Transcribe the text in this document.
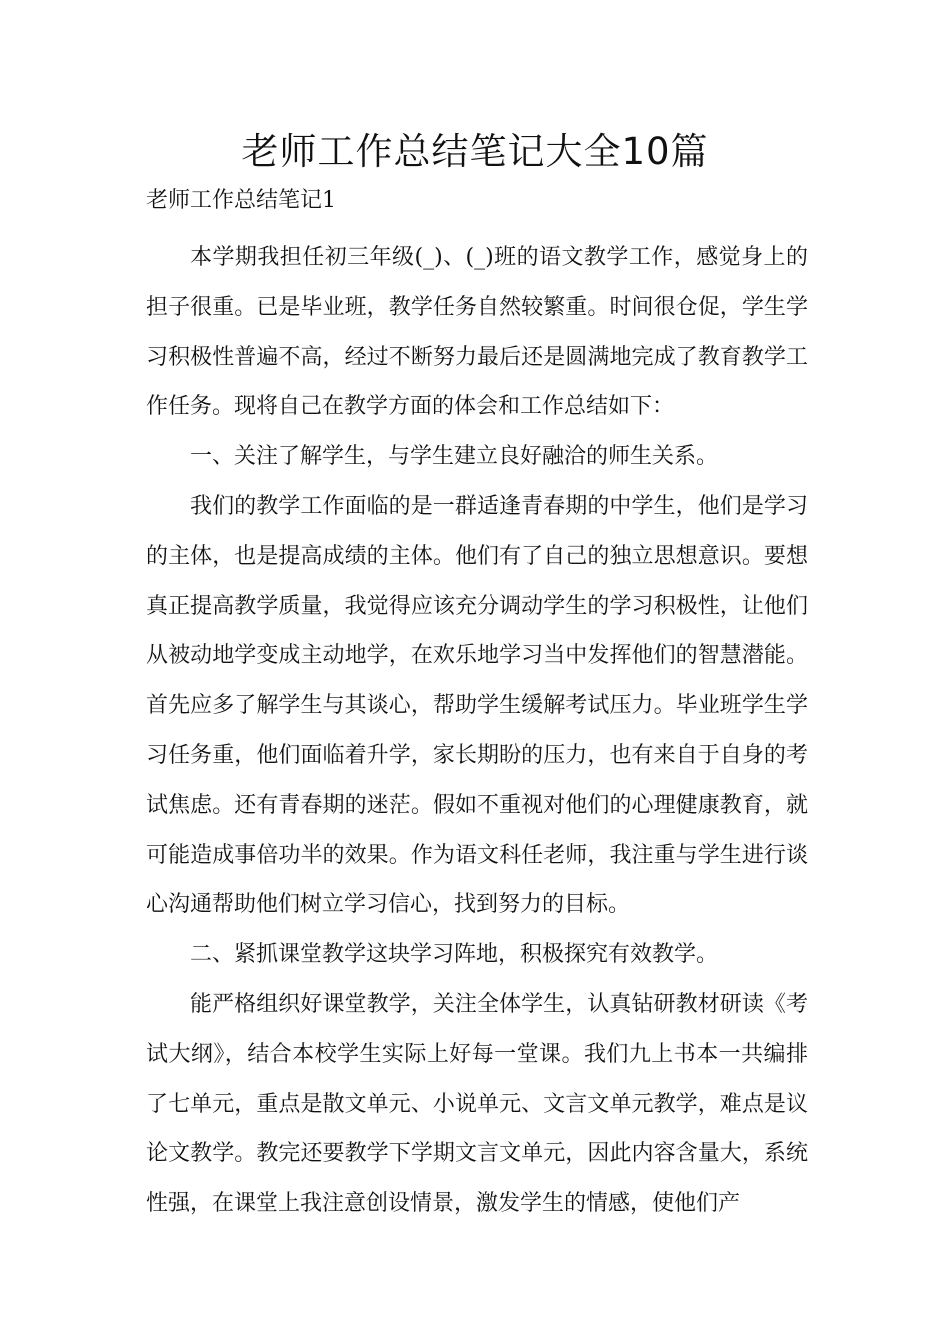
老师工作总结笔记大全10篇
老师工作总结笔记1

本学期我担任初三年级(_)、(_)班的语文教学工作，感觉身上的担子很重。已是毕业班，教学任务自然较繁重。时间很仓促，学生学习积极性普遍不高，经过不断努力最后还是圆满地完成了教育教学工作任务。现将自己在教学方面的体会和工作总结如下：

一、关注了解学生，与学生建立良好融洽的师生关系。

我们的教学工作面临的是一群适逢青春期的中学生，他们是学习的主体，也是提高成绩的主体。他们有了自己的独立思想意识。要想真正提高教学质量，我觉得应该充分调动学生的学习积极性，让他们从被动地学变成主动地学，在欢乐地学习当中发挥他们的智慧潜能。首先应多了解学生与其谈心，帮助学生缓解考试压力。毕业班学生学习任务重，他们面临着升学，家长期盼的压力，也有来自于自身的考试焦虑。还有青春期的迷茫。假如不重视对他们的心理健康教育，就可能造成事倍功半的效果。作为语文科任老师，我注重与学生进行谈心沟通帮助他们树立学习信心，找到努力的目标。

二、紧抓课堂教学这块学习阵地，积极探究有效教学。

能严格组织好课堂教学，关注全体学生，认真钻研教材研读《考试大纲》，结合本校学生实际上好每一堂课。我们九上书本一共编排了七单元，重点是散文单元、小说单元、文言文单元教学，难点是议论文教学。教完还要教学下学期文言文单元，因此内容含量大，系统性强，在课堂上我注意创设情景，激发学生的情感，使他们产
